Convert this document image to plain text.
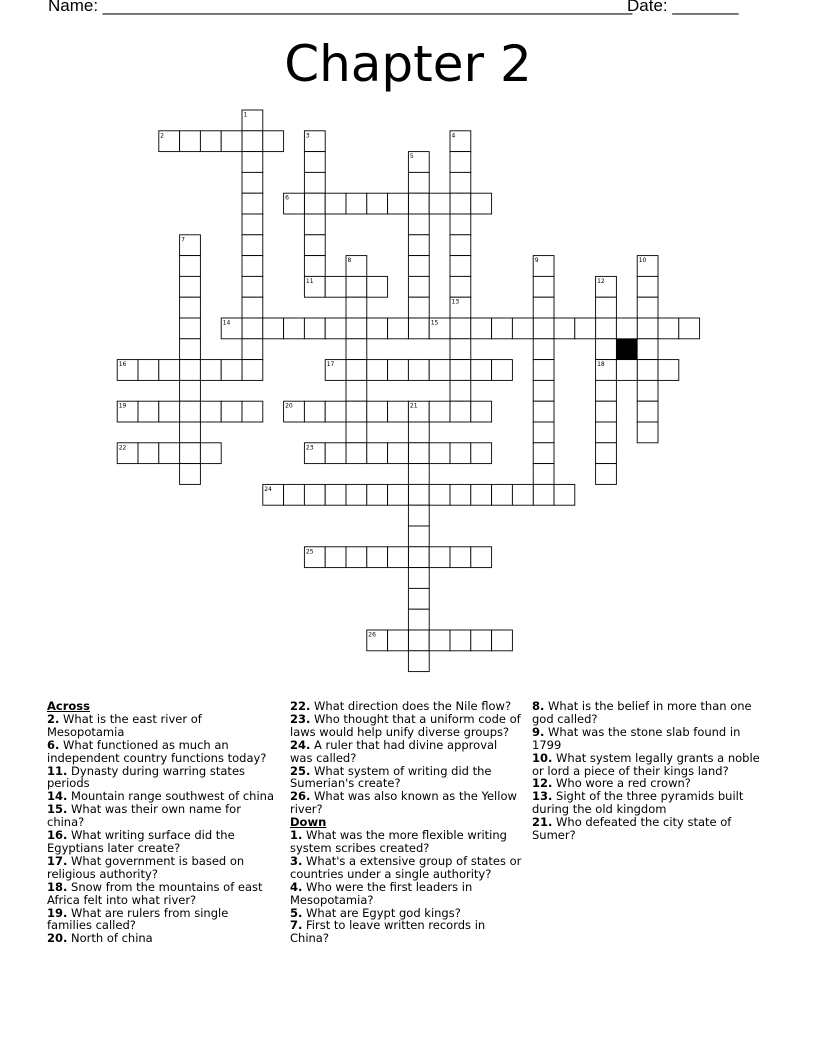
Name: ________________________________________________________
Date: _______
Chapter 2
1
2	3	4
5
6
7
8	9	10
11	12
18
13
14	15
16	17
19	20	21
22	23
24
25
26
Across
2. What is the east river of Mesopotamia
6. What functioned as much an independent country functions today?
11. Dynasty during warring states periods
14. Mountain range southwest of china
15. What was their own name for china?
16. What writing surface did the Egyptians later create?
17. What government is based on religious authority?
18. Snow from the mountains of east Africa felt into what river?
19. What are rulers from single families called?
20. North of china
22. What direction does the Nile flow?
23. Who thought that a uniform code of laws would help unify diverse groups?
24. A ruler that had divine approval was called?
25. What system of writing did the Sumerian's create?
26. What was also known as the Yellow river?
Down
1. What was the more flexible writing system scribes created?
3. What's a extensive group of states or countries under a single authority?
4. Who were the first leaders in Mesopotamia?
5. What are Egypt god kings?
7. First to leave written records in China?
8. What is the belief in more than one god called?
9. What was the stone slab found in 1799
10. What system legally grants a noble or lord a piece of their kings land?
12. Who wore a red crown?
13. Sight of the three pyramids built during the old kingdom
21. Who defeated the city state of Sumer?
